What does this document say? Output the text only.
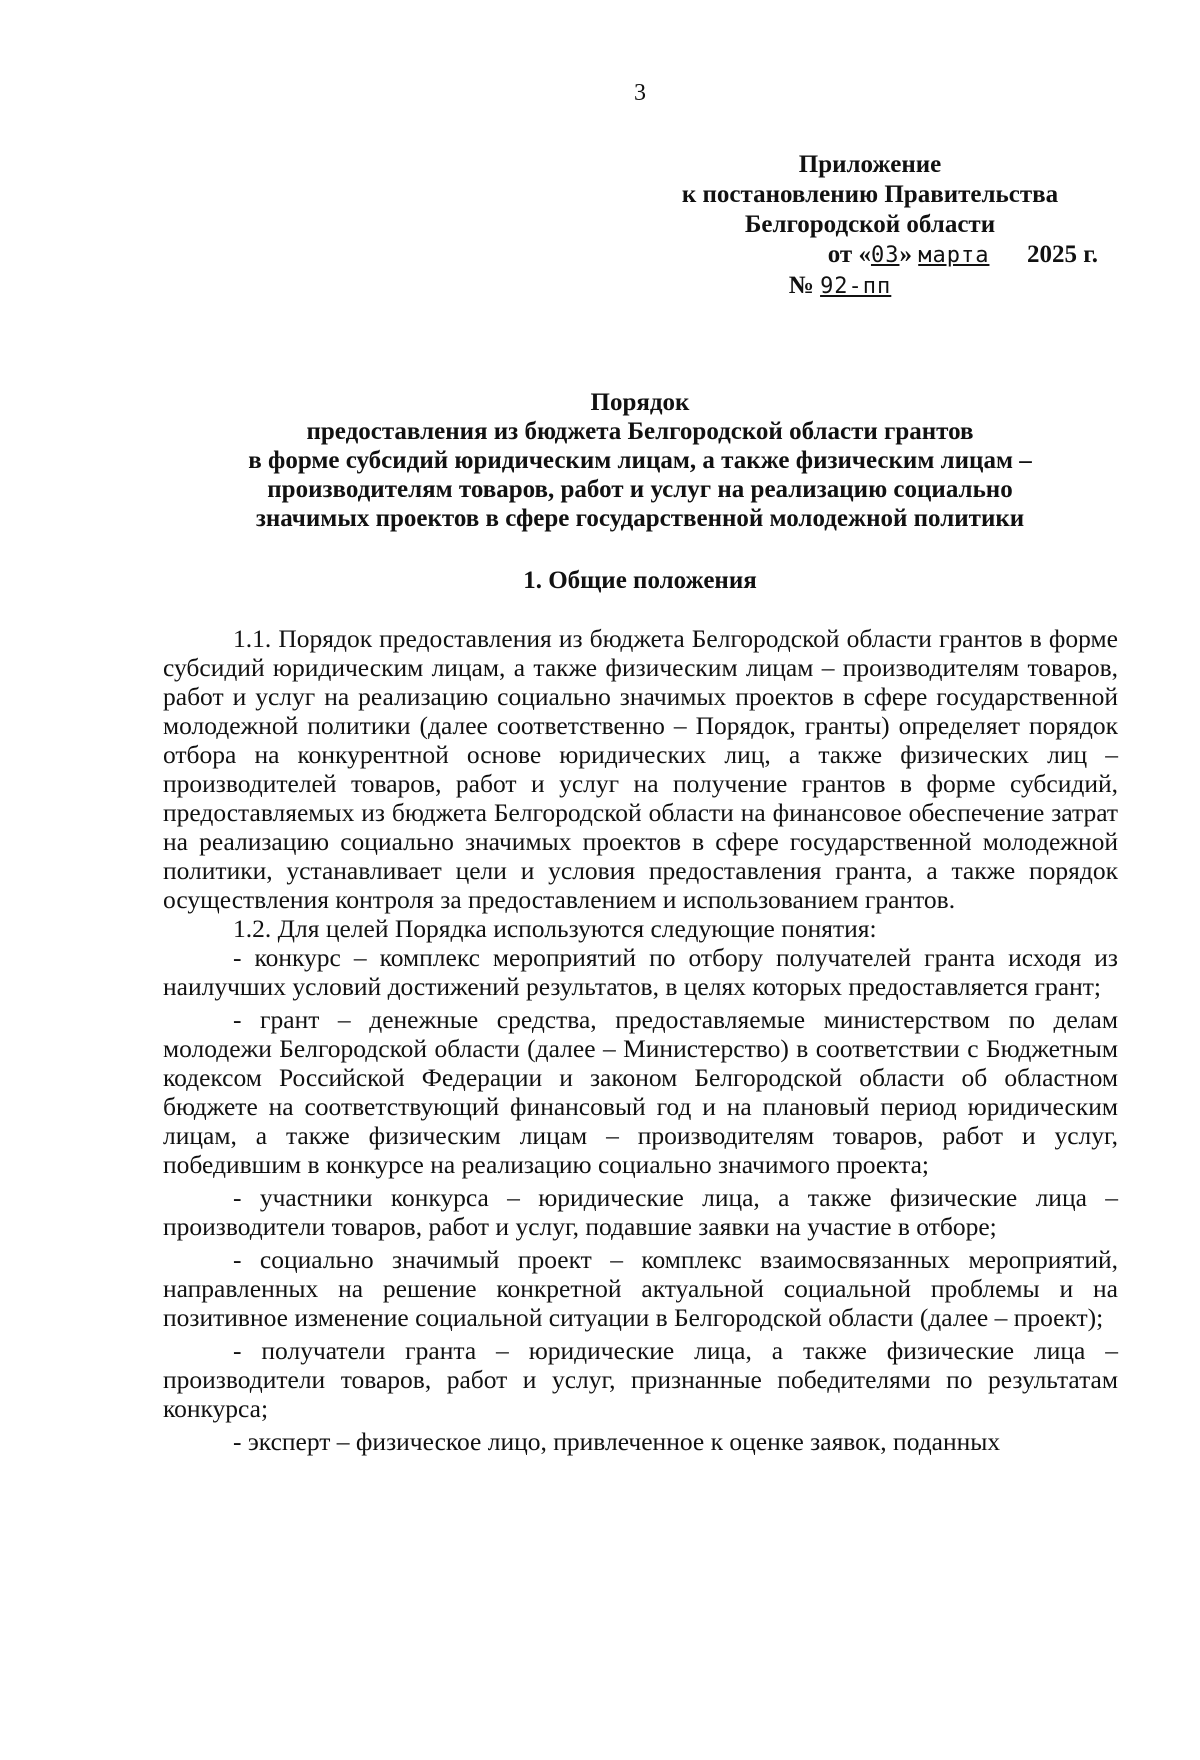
3
Приложение
к постановлению Правительства
Белгородской области
от «03» марта 2025 г.
№ 92-пп
Порядок
предоставления из бюджета Белгородской области грантов
в форме субсидий юридическим лицам, а также физическим лицам –
производителям товаров, работ и услуг на реализацию социально
значимых проектов в сфере государственной молодежной политики
1. Общие положения

1.1. Порядок предоставления из бюджета Белгородской области грантов в форме субсидий юридическим лицам, а также физическим лицам – производителям товаров, работ и услуг на реализацию социально значимых проектов в сфере государственной молодежной политики (далее соответственно – Порядок, гранты) определяет порядок отбора на конкурентной основе юридических лиц, а также физических лиц – производителей товаров, работ и услуг на получение грантов в форме субсидий, предоставляемых из бюджета Белгородской области на финансовое обеспечение затрат на реализацию социально значимых проектов в сфере государственной молодежной политики, устанавливает цели и условия предоставления гранта, а также порядок осуществления контроля за предоставлением и использованием грантов.

1.2. Для целей Порядка используются следующие понятия:

- конкурс – комплекс мероприятий по отбору получателей гранта исходя из наилучших условий достижений результатов, в целях которых предоставляется грант;

- грант – денежные средства, предоставляемые министерством по делам молодежи Белгородской области (далее – Министерство) в соответствии с Бюджетным кодексом Российской Федерации и законом Белгородской области об областном бюджете на соответствующий финансовый год и на плановый период юридическим лицам, а также физическим лицам – производителям товаров, работ и услуг, победившим в конкурсе на реализацию социально значимого проекта;

- участники конкурса – юридические лица, а также физические лица – производители товаров, работ и услуг, подавшие заявки на участие в отборе;

- социально значимый проект – комплекс взаимосвязанных мероприятий, направленных на решение конкретной актуальной социальной проблемы и на позитивное изменение социальной ситуации в Белгородской области (далее – проект);

- получатели гранта – юридические лица, а также физические лица – производители товаров, работ и услуг, признанные победителями по результатам конкурса;

- эксперт – физическое лицо, привлеченное к оценке заявок, поданных
